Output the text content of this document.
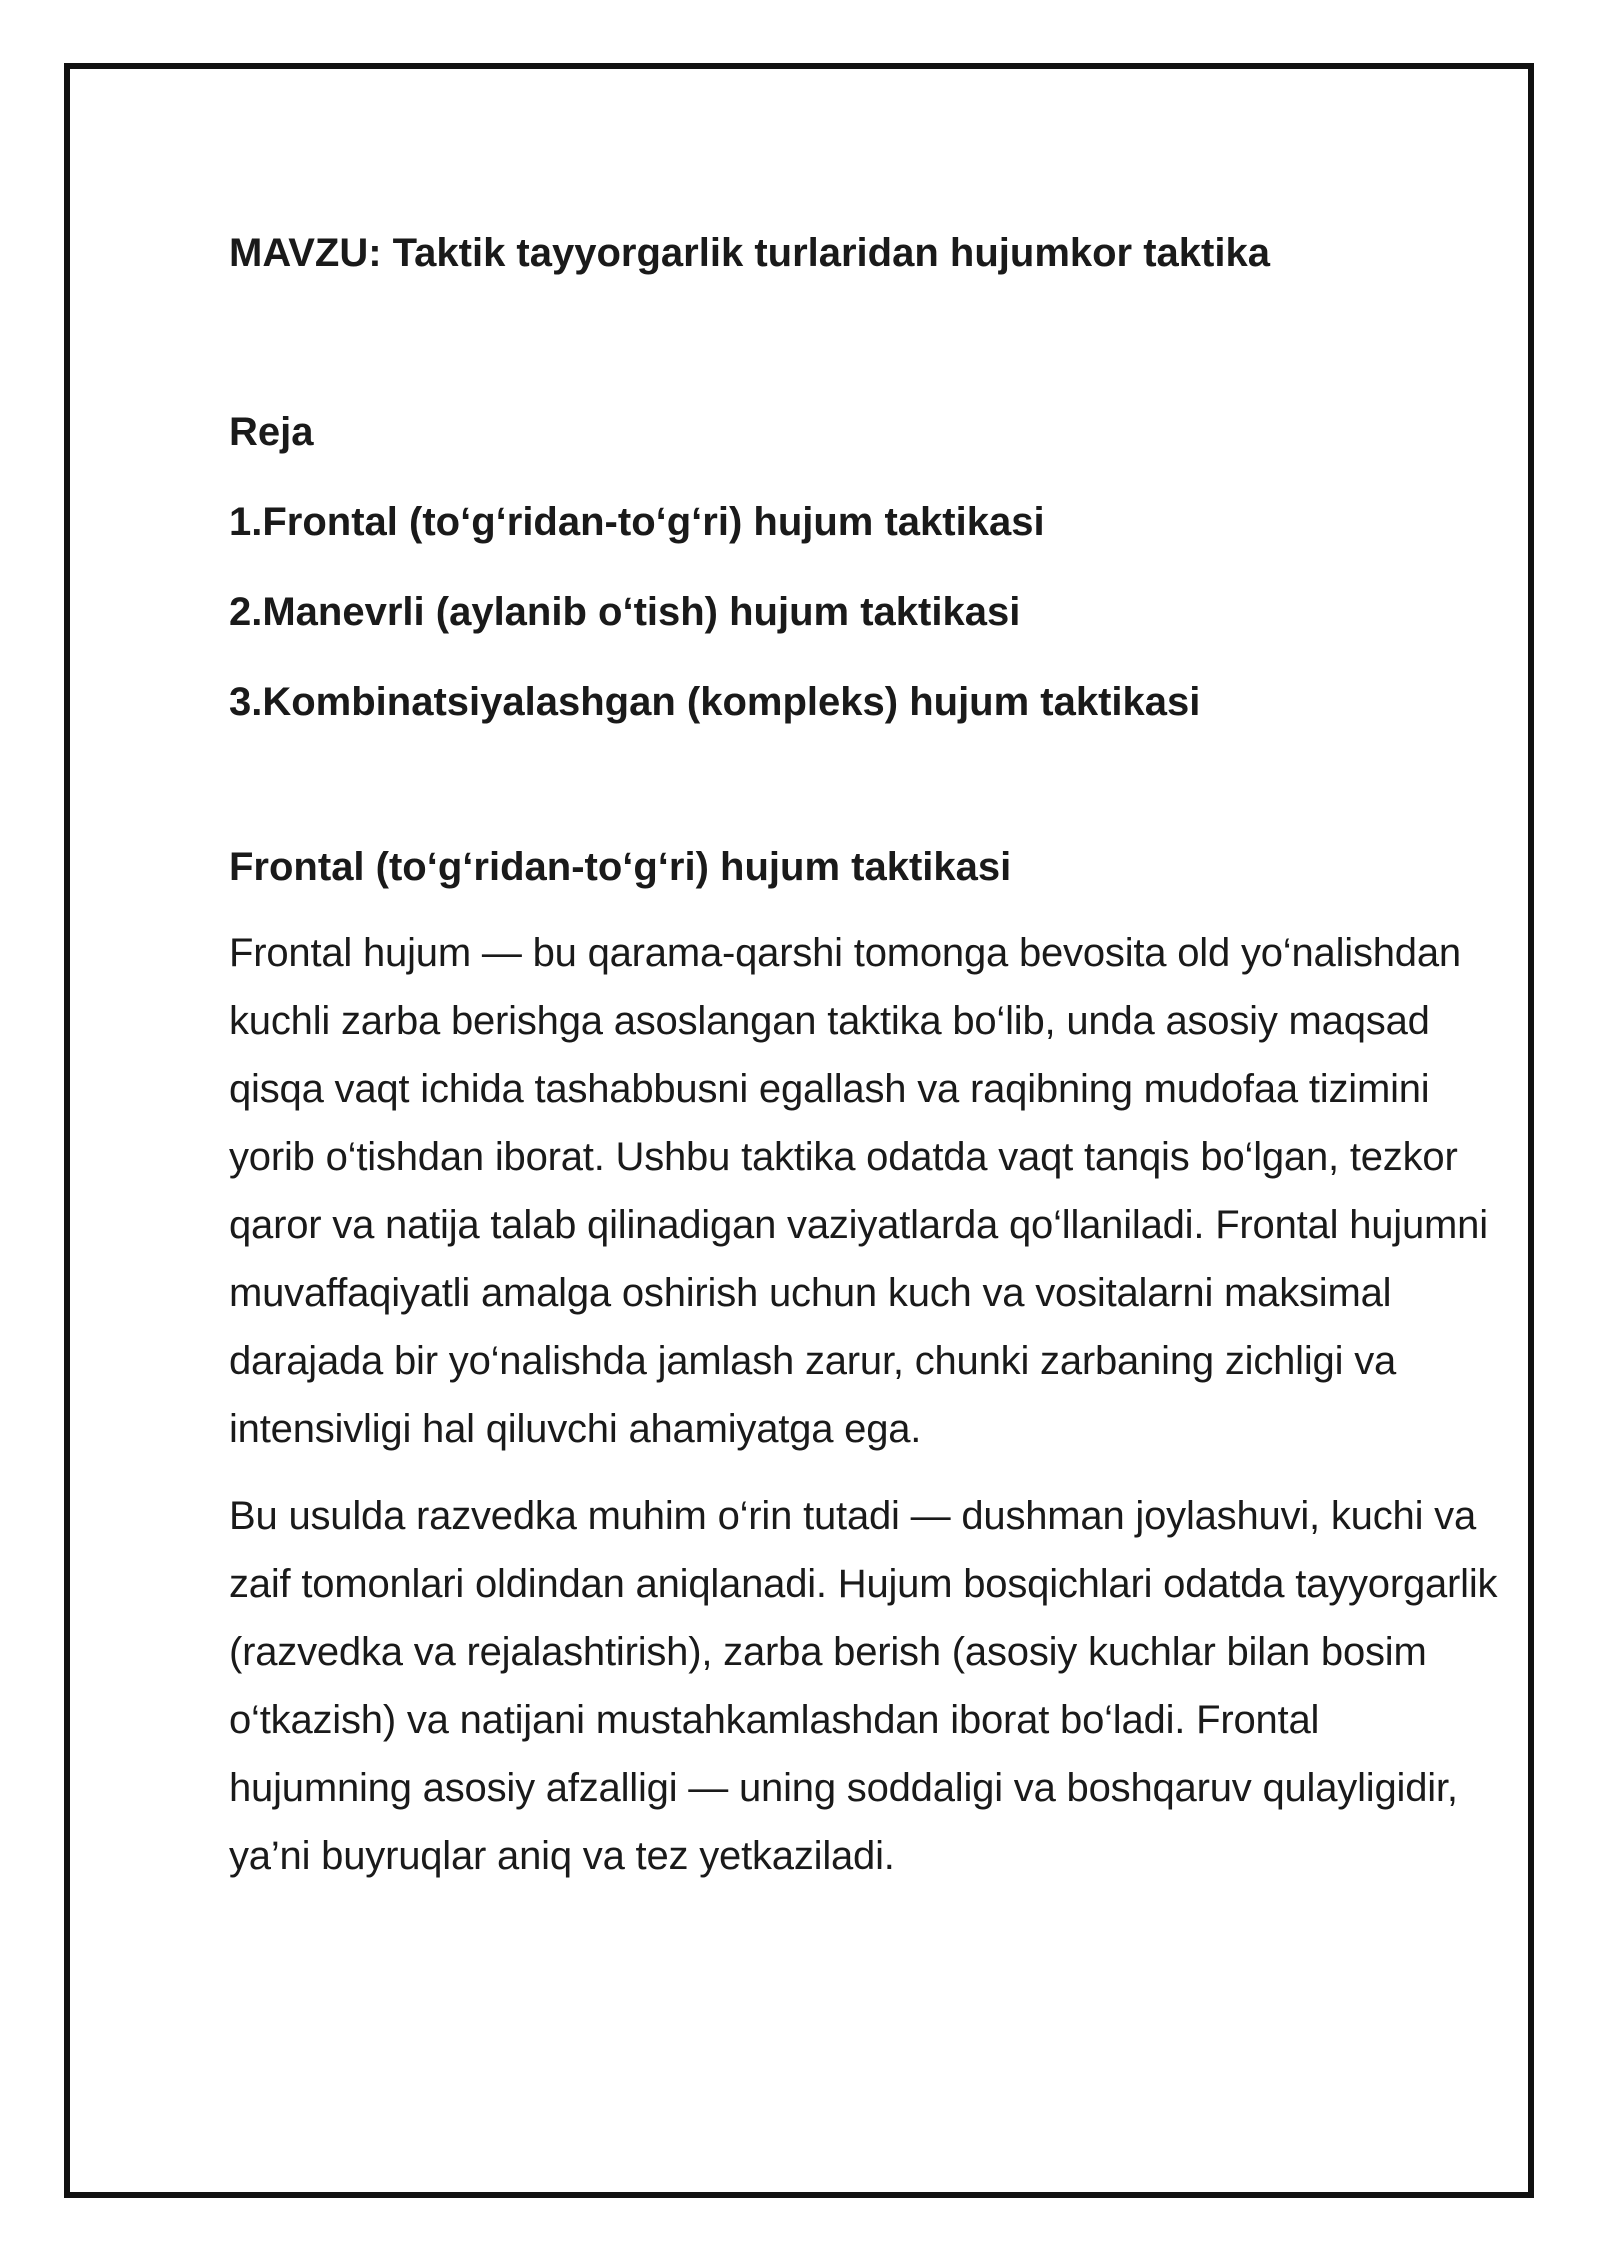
MAVZU: Taktik tayyorgarlik turlaridan hujumkor taktika
Reja
1.Frontal (to‘g‘ridan-to‘g‘ri) hujum taktikasi
2.Manevrli (aylanib o‘tish) hujum taktikasi
3.Kombinatsiyalashgan (kompleks) hujum taktikasi
Frontal (to‘g‘ridan-to‘g‘ri) hujum taktikasi

Frontal hujum — bu qarama-qarshi tomonga bevosita old yo‘nalishdan kuchli zarba berishga asoslangan taktika bo‘lib, unda asosiy maqsad qisqa vaqt ichida tashabbusni egallash va raqibning mudofaa tizimini yorib o‘tishdan iborat. Ushbu taktika odatda vaqt tanqis bo‘lgan, tezkor qaror va natija talab qilinadigan vaziyatlarda qo‘llaniladi. Frontal hujumni muvaffaqiyatli amalga oshirish uchun kuch va vositalarni maksimal darajada bir yo‘nalishda jamlash zarur, chunki zarbaning zichligi va intensivligi hal qiluvchi ahamiyatga ega.

Bu usulda razvedka muhim o‘rin tutadi — dushman joylashuvi, kuchi va zaif tomonlari oldindan aniqlanadi. Hujum bosqichlari odatda tayyorgarlik (razvedka va rejalashtirish), zarba berish (asosiy kuchlar bilan bosim o‘tkazish) va natijani mustahkamlashdan iborat bo‘ladi. Frontal hujumning asosiy afzalligi — uning soddaligi va boshqaruv qulayligidir, ya’ni buyruqlar aniq va tez yetkaziladi.
